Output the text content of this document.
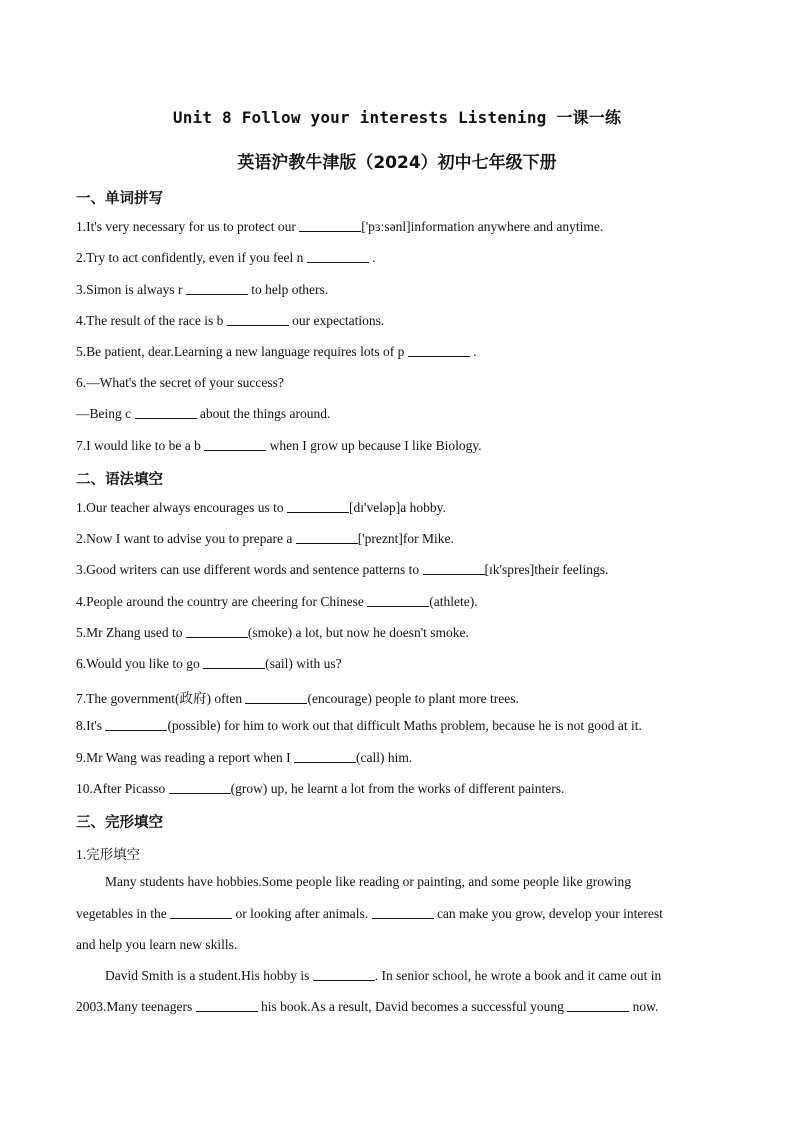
Unit 8 Follow your interests Listening 一课一练
英语沪教牛津版（2024）初中七年级下册
一、单词拼写
1.It's very necessary for us to protect our	['pɜːsənl]information anywhere and anytime.
2.Try to act confidently, even if you feel n	.
3.Simon is always r	to help others.
4.The result of the race is b	our expectations.
5.Be patient, dear.Learning a new language requires lots of p	.
6.—What's the secret of your success?
—Being c	about the things around.
7.I would like to be a b	when I grow up because I like Biology.
二、语法填空
1.Our teacher always encourages us to	[dɪ'veləp]a hobby.
2.Now I want to advise you to prepare a	['preznt]for Mike.
3.Good writers can use different words and sentence patterns to	[ɪk'spres]their feelings.
4.People around the country are cheering for Chinese	(athlete).
5.Mr Zhang used to	(smoke) a lot, but now he doesn't smoke.
6.Would you like to go	(sail) with us?
7.The government(政府) often	(encourage) people to plant more trees.
8.It's	(possible) for him to work out that difficult Maths problem, because he is not good at it.
9.Mr Wang was reading a report when I	(call) him.
10.After Picasso	(grow) up, he learnt a lot from the works of different painters.
三、完形填空
1.完形填空
Many students have hobbies.Some people like reading or painting, and some people like growing
vegetables in the	or looking after animals.	can make you grow, develop your interest
and help you learn new skills.
David Smith is a student.His hobby is	. In senior school, he wrote a book and it came out in
2003.Many teenagers	his book.As a result, David becomes a successful young	now.
